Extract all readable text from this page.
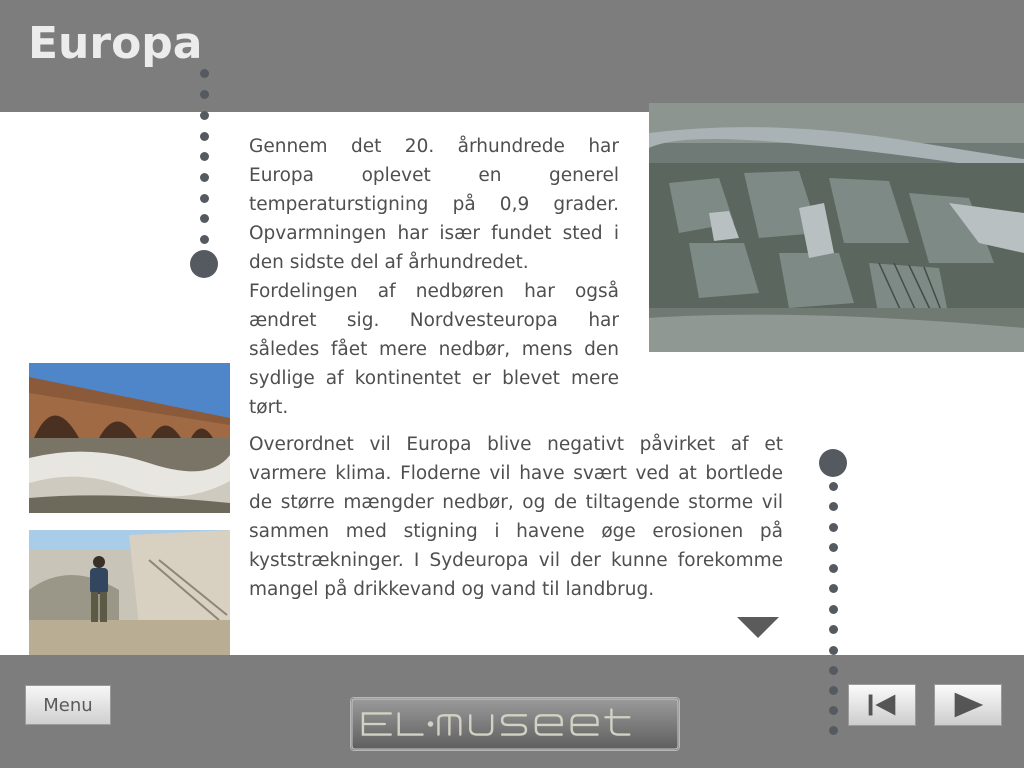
Europa

Gennem det 20. århundrede har Europa oplevet en generel temperaturstigning på 0,9 grader. Opvarmningen har især fundet sted i den sidste del af århundredet.

Fordelingen af nedbøren har også ændret sig. Nordvesteuropa har således fået mere nedbør, mens den sydlige af kontinentet er blevet mere tørt.

Overordnet vil Europa blive negativt påvirket af et varmere klima. Floderne vil have svært ved at bortlede de større mængder nedbør, og de tiltagende storme vil sammen med stigning i havene øge erosionen på kyststrækninger. I Sydeuropa vil der kunne forekomme mangel på drikkevand og vand til landbrug.

Menu
